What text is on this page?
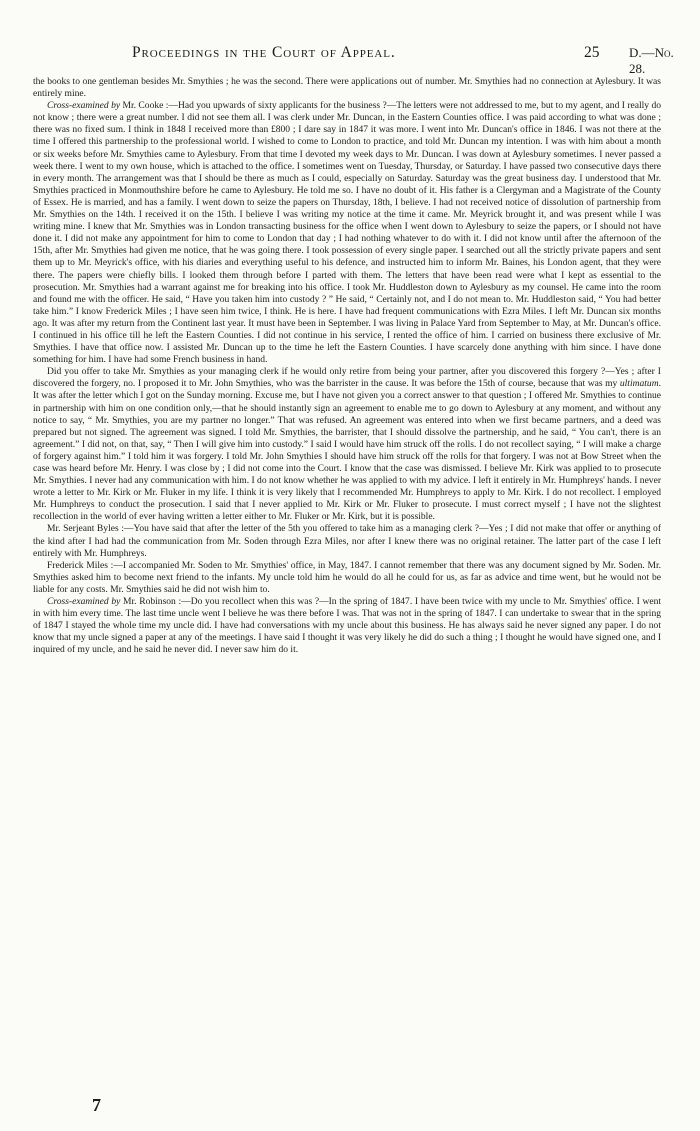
Proceedings in the Court of Appeal.	25 D.—No. 28.

the books to one gentleman besides Mr. Smythies ; he was the second. There were applications out of number. Mr. Smythies had no connection at Aylesbury. It was entirely mine.

Cross-examined by Mr. Cooke :—Had you upwards of sixty applicants for the business ?—The letters were not addressed to me, but to my agent, and I really do not know ; there were a great number. I did not see them all. I was clerk under Mr. Duncan, in the Eastern Counties office. I was paid according to what was done ; there was no fixed sum. I think in 1848 I received more than £800 ; I dare say in 1847 it was more. I went into Mr. Duncan's office in 1846. I was not there at the time I offered this partnership to the professional world. I wished to come to London to practice, and told Mr. Duncan my intention. I was with him about a month or six weeks before Mr. Smythies came to Aylesbury. From that time I devoted my week days to Mr. Duncan. I was down at Aylesbury sometimes. I never passed a week there. I went to my own house, which is attached to the office. I sometimes went on Tuesday, Thursday, or Saturday. I have passed two consecutive days there in every month. The arrangement was that I should be there as much as I could, especially on Saturday. Saturday was the great business day. I understood that Mr. Smythies practiced in Monmouthshire before he came to Aylesbury. He told me so. I have no doubt of it. His father is a Clergyman and a Magistrate of the County of Essex. He is married, and has a family. I went down to seize the papers on Thursday, 18th, I believe. I had not received notice of dissolution of partnership from Mr. Smythies on the 14th. I received it on the 15th. I believe I was writing my notice at the time it came. Mr. Meyrick brought it, and was present while I was writing mine. I knew that Mr. Smythies was in London transacting business for the office when I went down to Aylesbury to seize the papers, or I should not have done it. I did not make any appointment for him to come to London that day ; I had nothing whatever to do with it. I did not know until after the afternoon of the 15th, after Mr. Smythies had given me notice, that he was going there. I took possession of every single paper. I searched out all the strictly private papers and sent them up to Mr. Meyrick's office, with his diaries and everything useful to his defence, and instructed him to inform Mr. Baines, his London agent, that they were there. The papers were chiefly bills. I looked them through before I parted with them. The letters that have been read were what I kept as essential to the prosecution. Mr. Smythies had a warrant against me for breaking into his office. I took Mr. Huddleston down to Aylesbury as my counsel. He came into the room and found me with the officer. He said, “ Have you taken him into custody ? ” He said, “ Certainly not, and I do not mean to. Mr. Huddleston said, “ You had better take him.” I know Frederick Miles ; I have seen him twice, I think. He is here. I have had frequent communications with Ezra Miles. I left Mr. Duncan six months ago. It was after my return from the Continent last year. It must have been in September. I was living in Palace Yard from September to May, at Mr. Duncan's office. I continued in his office till he left the Eastern Counties. I did not continue in his service, I rented the office of him. I carried on business there exclusive of Mr. Smythies. I have that office now. I assisted Mr. Duncan up to the time he left the Eastern Counties. I have scarcely done anything with him since. I have done something for him. I have had some French business in hand.

Did you offer to take Mr. Smythies as your managing clerk if he would only retire from being your partner, after you discovered this forgery ?—Yes ; after I discovered the forgery, no. I proposed it to Mr. John Smythies, who was the barrister in the cause. It was before the 15th of course, because that was my ultimatum. It was after the letter which I got on the Sunday morning. Excuse me, but I have not given you a correct answer to that question ; I offered Mr. Smythies to continue in partnership with him on one condition only,—that he should instantly sign an agreement to enable me to go down to Aylesbury at any moment, and without any notice to say, “ Mr. Smythies, you are my partner no longer.” That was refused. An agreement was entered into when we first became partners, and a deed was prepared but not signed. The agreement was signed. I told Mr. Smythies, the barrister, that I should dissolve the partnership, and he said, “ You can't, there is an agreement.” I did not, on that, say, “ Then I will give him into custody.” I said I would have him struck off the rolls. I do not recollect saying, “ I will make a charge of forgery against him.” I told him it was forgery. I told Mr. John Smythies I should have him struck off the rolls for that forgery. I was not at Bow Street when the case was heard before Mr. Henry. I was close by ; I did not come into the Court. I know that the case was dismissed. I believe Mr. Kirk was applied to to prosecute Mr. Smythies. I never had any communication with him. I do not know whether he was applied to with my advice. I left it entirely in Mr. Humphreys' hands. I never wrote a letter to Mr. Kirk or Mr. Fluker in my life. I think it is very likely that I recommended Mr. Humphreys to apply to Mr. Kirk. I do not recollect. I employed Mr. Humphreys to conduct the prosecution. I said that I never applied to Mr. Kirk or Mr. Fluker to prosecute. I must correct myself ; I have not the slightest recollection in the world of ever having written a letter either to Mr. Fluker or Mr. Kirk, but it is possible.

Mr. Serjeant Byles :—You have said that after the letter of the 5th you offered to take him as a managing clerk ?—Yes ; I did not make that offer or anything of the kind after I had had the communication from Mr. Soden through Ezra Miles, nor after I knew there was no original retainer. The latter part of the case I left entirely with Mr. Humphreys.

Frederick Miles :—I accompanied Mr. Soden to Mr. Smythies' office, in May, 1847. I cannot remember that there was any document signed by Mr. Soden. Mr. Smythies asked him to become next friend to the infants. My uncle told him he would do all he could for us, as far as advice and time went, but he would not be liable for any costs. Mr. Smythies said he did not wish him to.

Cross-examined by Mr. Robinson :—Do you recollect when this was ?—In the spring of 1847. I have been twice with my uncle to Mr. Smythies' office. I went in with him every time. The last time uncle went I believe he was there before I was. That was not in the spring of 1847. I can undertake to swear that in the spring of 1847 I stayed the whole time my uncle did. I have had conversations with my uncle about this business. He has always said he never signed any paper. I do not know that my uncle signed a paper at any of the meetings. I have said I thought it was very likely he did do such a thing ; I thought he would have signed one, and I inquired of my uncle, and he said he never did. I never saw him do it.

7
